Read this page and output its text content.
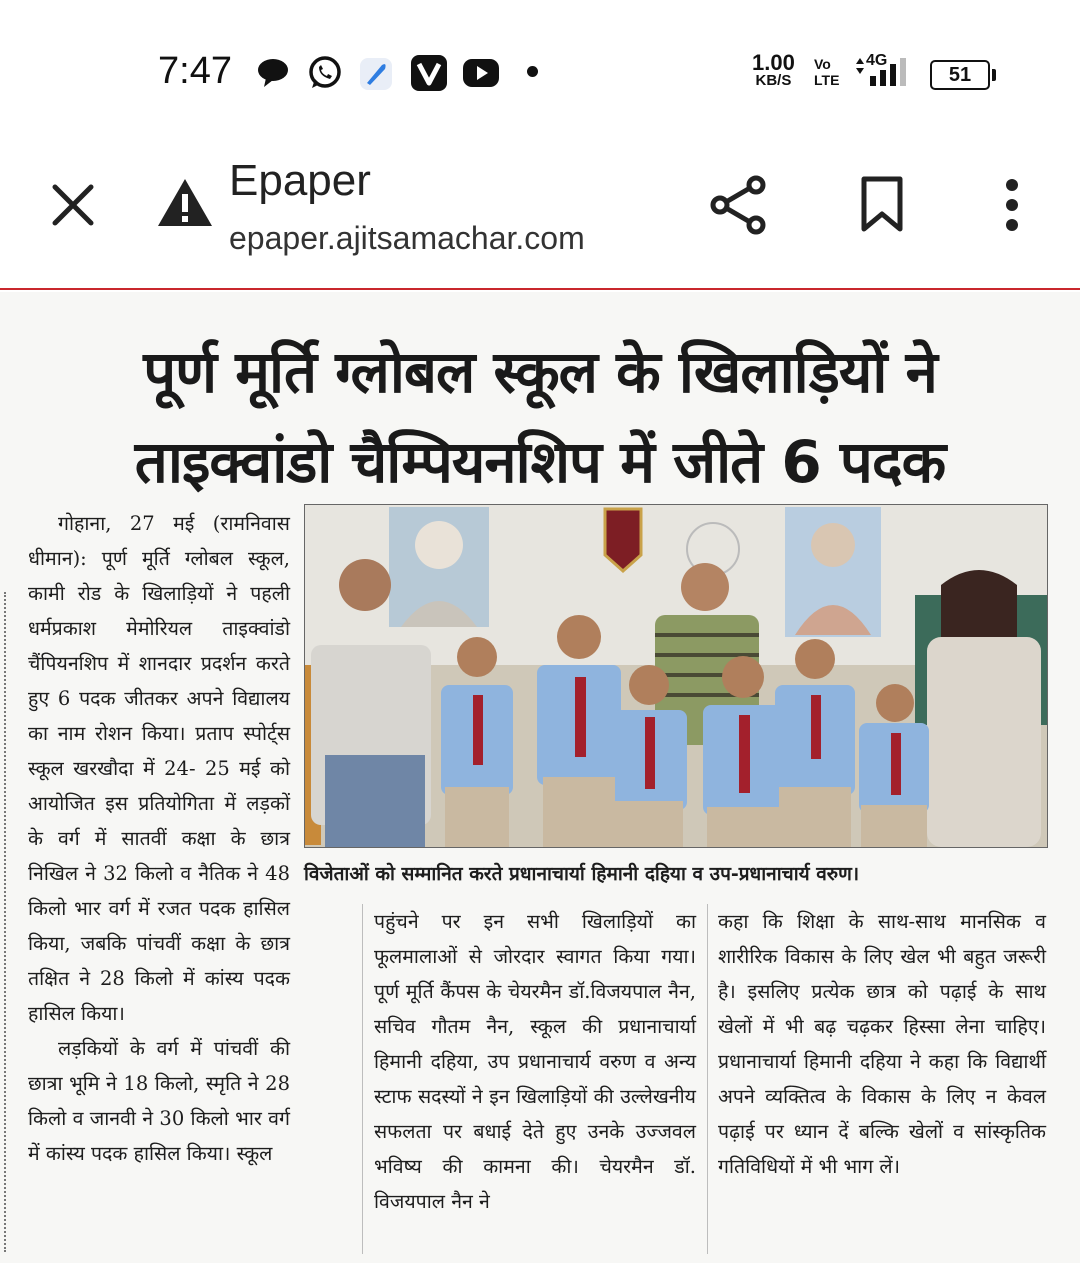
7:47	1.00
KB/S
Vo
LTE
4G
51
Epaper
epaper.ajitsamachar.com
पूर्ण मूर्ति ग्लोबल स्कूल के खिलाड़ियों ने
ताइक्वांडो चैम्पियनशिप में जीते 6 पदक

गोहाना, 27 मई (रामनिवास धीमान): पूर्ण मूर्ति ग्लोबल स्कूल, कामी रोड के खिलाड़ियों ने पहली धर्मप्रकाश मेमोरियल ताइक्वांडो चैंपियनशिप में शानदार प्रदर्शन करते हुए 6 पदक जीतकर अपने विद्यालय का नाम रोशन किया। प्रताप स्पोर्ट्स स्कूल खरखौदा में 24- 25 मई को आयोजित इस प्रतियोगिता में लड़कों के वर्ग में सातवीं कक्षा के छात्र निखिल ने 32 किलो व नैतिक ने 48 किलो भार वर्ग में रजत पदक हासिल किया, जबकि पांचवीं कक्षा के छात्र तक्षित ने 28 किलो में कांस्य पदक हासिल किया।

लड़कियों के वर्ग में पांचवीं की छात्रा भूमि ने 18 किलो, स्मृति ने 28 किलो व जानवी ने 30 किलो भार वर्ग में कांस्य पदक हासिल किया। स्कूल

विजेताओं को सम्मानित करते प्रधानाचार्या हिमानी दहिया व उप-प्रधानाचार्य वरुण।
पहुंचने पर इन सभी खिलाड़ियों का फूलमालाओं से जोरदार स्वागत किया गया। पूर्ण मूर्ति कैंपस के चेयरमैन डॉ.विजयपाल नैन, सचिव गौतम नैन, स्कूल की प्रधानाचार्या हिमानी दहिया, उप प्रधानाचार्य वरुण व अन्य स्टाफ सदस्यों ने इन खिलाड़ियों की उल्लेखनीय सफलता पर बधाई देते हुए उनके उज्जवल भविष्य की कामना की। चेयरमैन डॉ. विजयपाल नैन ने
कहा कि शिक्षा के साथ-साथ मानसिक व शारीरिक विकास के लिए खेल भी बहुत जरूरी है। इसलिए प्रत्येक छात्र को पढ़ाई के साथ खेलों में भी बढ़ चढ़कर हिस्सा लेना चाहिए। प्रधानाचार्या हिमानी दहिया ने कहा कि विद्यार्थी अपने व्यक्तित्व के विकास के लिए न केवल पढ़ाई पर ध्यान दें बल्कि खेलों व सांस्कृतिक गतिविधियों में भी भाग लें।
